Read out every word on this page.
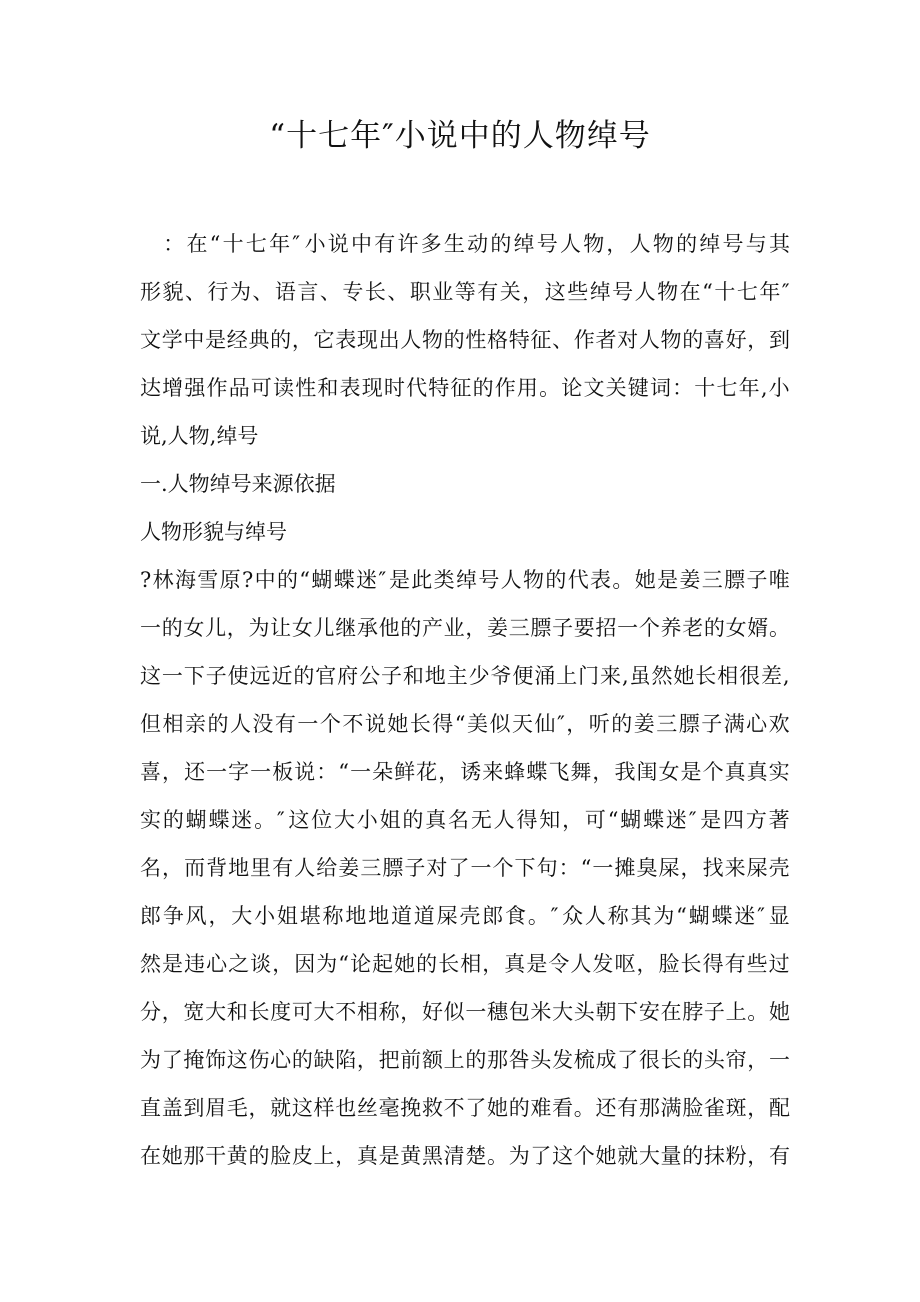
“十七年″小说中的人物绰号

： 在 “ 十 七 年 ″ 小 说 中 有 许 多 生 动 的 绰 号 人 物 ， 人 物 的 绰 号 与 其
形 貌 、 行 为 、 语 言 、 专 长 、 职 业 等 有 关 ， 这 些 绰 号 人 物 在 “ 十 七 年 ″
文 学 中 是 经 典 的 ， 它 表 现 出 人 物 的 性 格 特 征 、 作 者 对 人 物 的 喜 好 ， 到
达 增 强 作 品 可 读 性 和 表 现 时 代 特 征 的 作 用 。 论 文 关 键 词 ： 十 七 年 , 小
说,人物,绰号
一.人物绰号来源依据
人物形貌与绰号
? 林 海 雪 原 ? 中 的 “ 蝴 蝶 迷 ″ 是 此 类 绰 号 人 物 的 代 表 。 她 是 姜 三 膘 子 唯
一 的 女 儿 ， 为 让 女 儿 继 承 他 的 产 业 ， 姜 三 膘 子 要 招 一 个 养 老 的 女 婿 。
这 一 下 子 使 远 近 的 官 府 公 子 和 地 主 少 爷 便 涌 上 门 来 , 虽 然 她 长 相 很 差 ,
但 相 亲 的 人 没 有 一 个 不 说 她 长 得 “ 美 似 天 仙 ″ ， 听 的 姜 三 膘 子 满 心 欢
喜 ， 还 一 字 一 板 说 ： “ 一 朵 鲜 花 ， 诱 来 蜂 蝶 飞 舞 ， 我 闺 女 是 个 真 真 实
实 的 蝴 蝶 迷 。 ″ 这 位 大 小 姐 的 真 名 无 人 得 知 ， 可 “ 蝴 蝶 迷 ″ 是 四 方 著
名 ， 而 背 地 里 有 人 给 姜 三 膘 子 对 了 一 个 下 句 ： “ 一 摊 臭 屎 ， 找 来 屎 壳
郎 争 风 ， 大 小 姐 堪 称 地 地 道 道 屎 壳 郎 食 。 ″ 众 人 称 其 为 “ 蝴 蝶 迷 ″ 显
然 是 违 心 之 谈 ， 因 为 “ 论 起 她 的 长 相 ， 真 是 令 人 发 呕 ， 脸 长 得 有 些 过
分 ， 宽 大 和 长 度 可 大 不 相 称 ， 好 似 一 穗 包 米 大 头 朝 下 安 在 脖 子 上 。 她
为 了 掩 饰 这 伤 心 的 缺 陷 ， 把 前 额 上 的 那 咎 头 发 梳 成 了 很 长 的 头 帘 ， 一
直 盖 到 眉 毛 ， 就 这 样 也 丝 毫 挽 救 不 了 她 的 难 看 。 还 有 那 满 脸 雀 斑 ， 配
在 她 那 干 黄 的 脸 皮 上 ， 真 是 黄 黑 清 楚 。 为 了 这 个 她 就 大 量 的 抹 粉 ， 有
